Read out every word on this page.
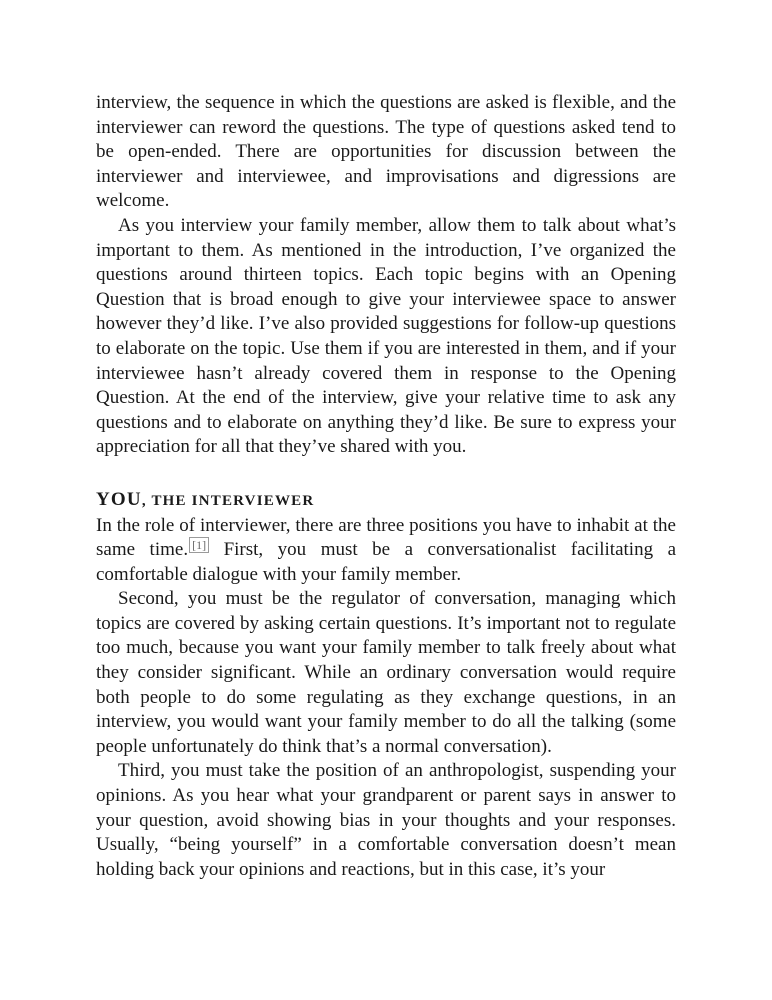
interview, the sequence in which the questions are asked is flexible, and the interviewer can reword the questions. The type of questions asked tend to be open-ended. There are opportunities for discussion between the interviewer and interviewee, and improvisations and digressions are welcome.

As you interview your family member, allow them to talk about what’s important to them. As mentioned in the introduction, I’ve organized the questions around thirteen topics. Each topic begins with an Opening Question that is broad enough to give your interviewee space to answer however they’d like. I’ve also provided suggestions for follow-up questions to elaborate on the topic. Use them if you are interested in them, and if your interviewee hasn’t already covered them in response to the Opening Question. At the end of the interview, give your relative time to ask any questions and to elaborate on anything they’d like. Be sure to express your appreciation for all that they’ve shared with you.

YOU, THE INTERVIEWER

In the role of interviewer, there are three positions you have to inhabit at the same time. [1] First, you must be a conversationalist facilitating a comfortable dialogue with your family member.

Second, you must be the regulator of conversation, managing which topics are covered by asking certain questions. It’s important not to regulate too much, because you want your family member to talk freely about what they consider significant. While an ordinary conversation would require both people to do some regulating as they exchange questions, in an interview, you would want your family member to do all the talking (some people unfortunately do think that’s a normal conversation).

Third, you must take the position of an anthropologist, suspending your opinions. As you hear what your grandparent or parent says in answer to your question, avoid showing bias in your thoughts and your responses. Usually, “being yourself” in a comfortable conversation doesn’t mean holding back your opinions and reactions, but in this case, it’s your
